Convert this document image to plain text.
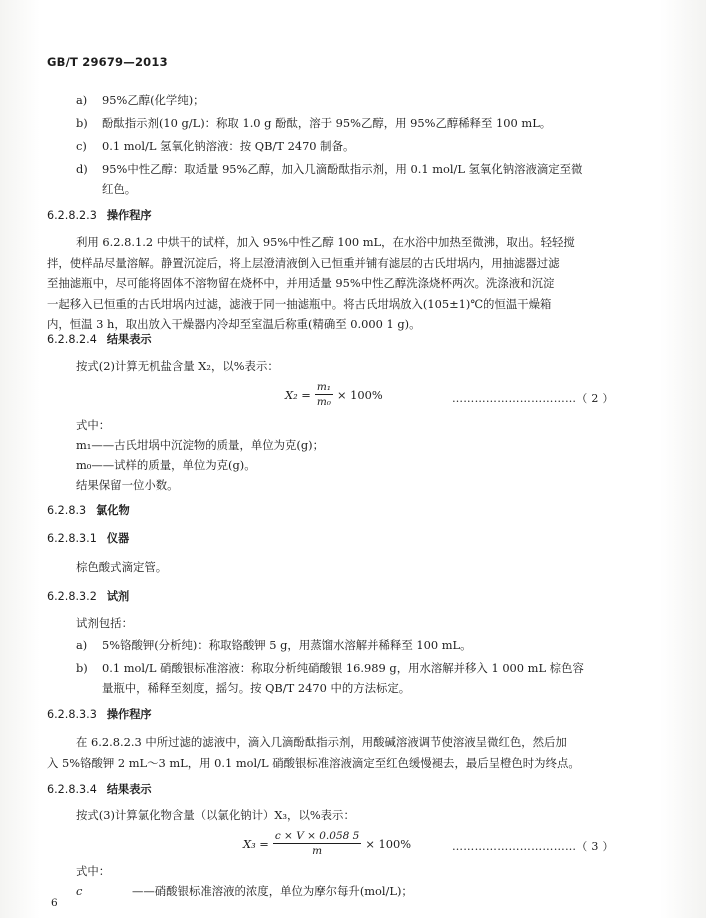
GB/T 29679—2013
a) 95%乙醇(化学纯)；
b) 酚酞指示剂(10 g/L)：称取 1.0 g 酚酞，溶于 95%乙醇，用 95%乙醇稀释至 100 mL。
c) 0.1 mol/L 氢氧化钠溶液：按 QB/T 2470 制备。
d) 95%中性乙醇：取适量 95%乙醇，加入几滴酚酞指示剂，用 0.1 mol/L 氢氧化钠溶液滴定至微
红色。
6.2.8.2.3 操作程序
利用 6.2.8.1.2 中烘干的试样，加入 95%中性乙醇 100 mL，在水浴中加热至微沸，取出。轻轻搅
拌，使样品尽量溶解。静置沉淀后，将上层澄清液倒入已恒重并铺有滤层的古氏坩埚内，用抽滤器过滤
至抽滤瓶中，尽可能将固体不溶物留在烧杯中，并用适量 95%中性乙醇洗涤烧杯两次。洗涤液和沉淀
一起移入已恒重的古氏坩埚内过滤，滤液于同一抽滤瓶中。将古氏坩埚放入(105±1)℃的恒温干燥箱
内，恒温 3 h，取出放入干燥器内冷却至室温后称重(精确至 0.000 1 g)。
6.2.8.2.4 结果表示
按式(2)计算无机盐含量 X₂，以%表示：
$X_2 = \frac{\text{m₁}}{\text{m₀}} \times 100\%$	……………………………（ 2 ）
式中：
m₁——古氏坩埚中沉淀物的质量，单位为克(g)；
m₀——试样的质量，单位为克(g)。
结果保留一位小数。
6.2.8.3 氯化物
6.2.8.3.1 仪器
棕色酸式滴定管。
6.2.8.3.2 试剂
试剂包括：
a) 5%铬酸钾(分析纯)：称取铬酸钾 5 g，用蒸馏水溶解并稀释至 100 mL。
b) 0.1 mol/L 硝酸银标准溶液：称取分析纯硝酸银 16.989 g，用水溶解并移入 1 000 mL 棕色容
量瓶中，稀释至刻度，摇匀。按 QB/T 2470 中的方法标定。
6.2.8.3.3 操作程序
在 6.2.8.2.3 中所过滤的滤液中，滴入几滴酚酞指示剂，用酸碱溶液调节使溶液呈微红色，然后加
入 5%铬酸钾 2 mL～3 mL，用 0.1 mol/L 硝酸银标准溶液滴定至红色缓慢褪去，最后呈橙色时为终点。
6.2.8.3.4 结果表示
按式(3)计算氯化物含量（以氯化钠计）X₃，以%表示：
$X_3 = \frac{c \times V \times 0.058 5}{m} \times 100\%$	……………………………（ 3 ）
式中：
c	——硝酸银标准溶液的浓度，单位为摩尔每升(mol/L)；
6
